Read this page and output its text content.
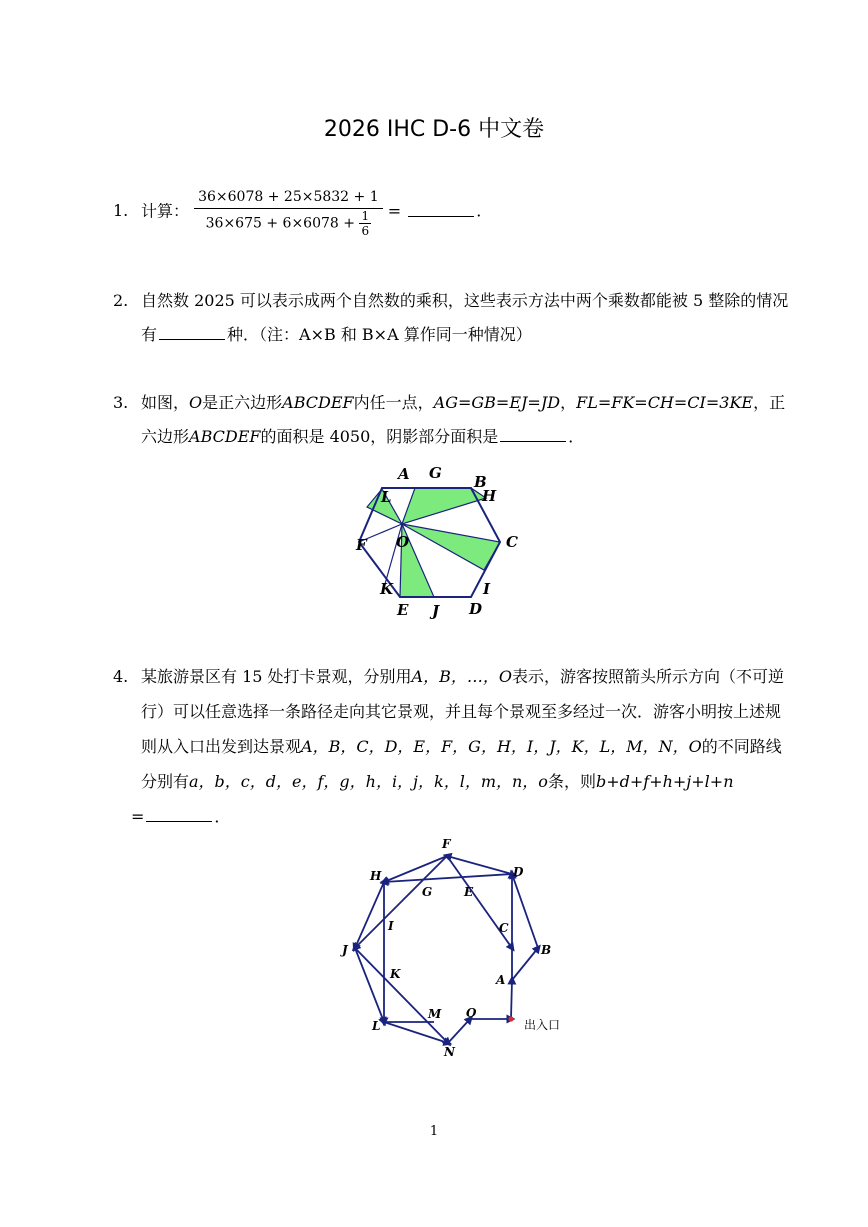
2026 IHC D-6 中文卷
1. 计算： $\frac{36\times 6078 + 25\times 5832 + 1}{36\times 675 + 6\times 6078 + \frac{1}{6}}$ =	.
2. 自然数 2025 可以表示成两个自然数的乘积，这些表示方法中两个乘数都能被 5 整除的情况有	种．（注：A×B 和 B×A 算作同一种情况）
3. 如图，O是正六边形ABCDEF内任一点，AG=GB=EJ=JD，FL=FK=CH=CI=3KE，正六边形ABCDEF的面积是 4050，阴影部分面积是	．
A G B
H
L
F O	C
K
E J
I
D
4. 某旅游景区有 15 处打卡景观，分别用A，B，…，O表示，游客按照箭头所示方向（不可逆行）可以任意选择一条路径走向其它景观，并且每个景观至多经过一次．游客小明按上述规则从入口出发到达景观A，B，C，D，E，F，G，H，I，J，K，L，M，N，O的不同路线分别有a，b，c，d，e，f，g，h，i，j，k，l，m，n，o条，则b+d+f+h+j+l+n
=	．
F
H	D
G	E
I	C
J	B
K	A
M O
L
N
出入口
1
